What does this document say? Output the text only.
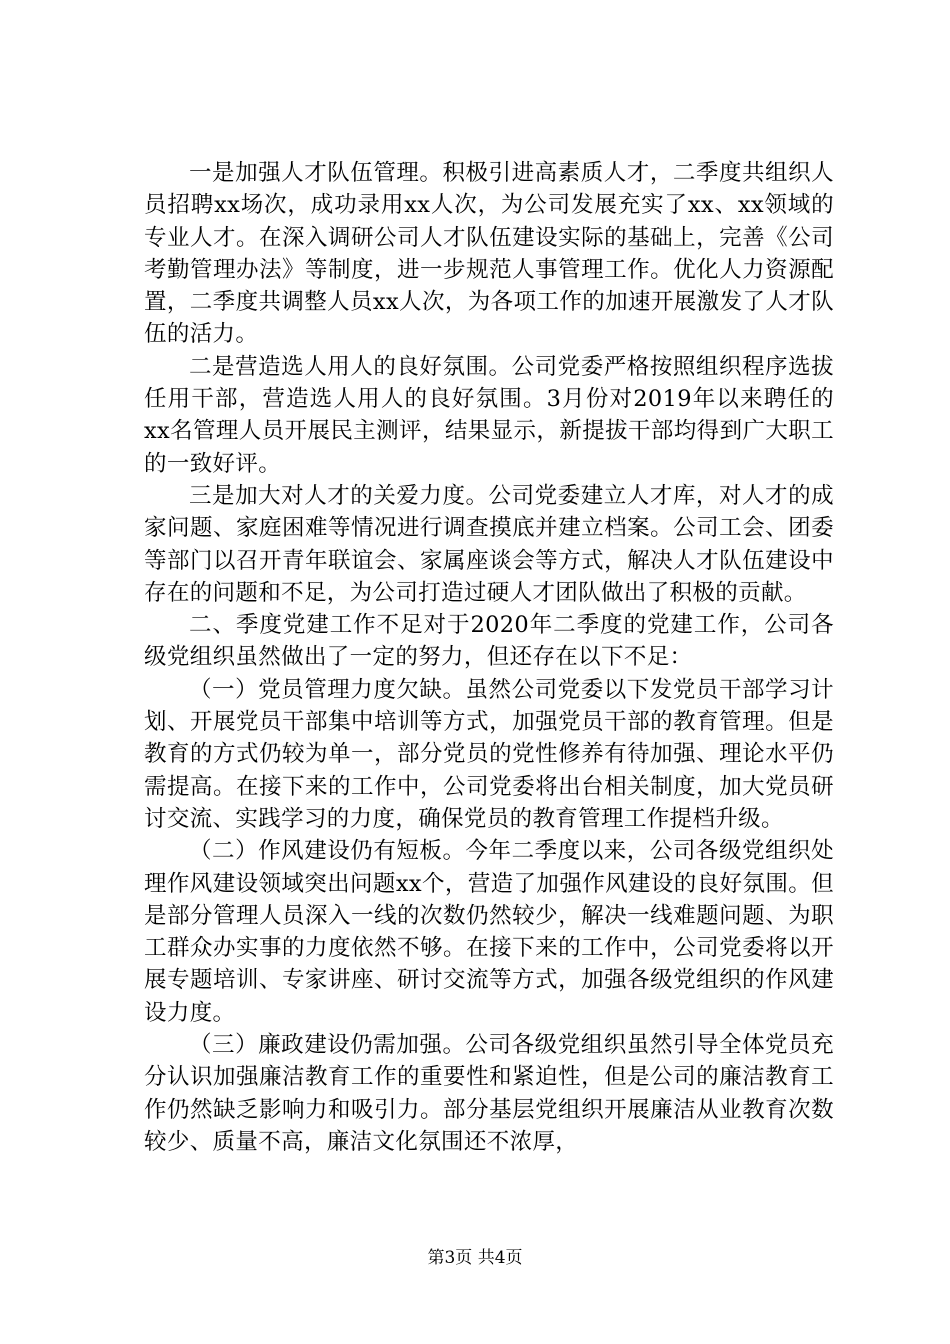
一是加强人才队伍管理。积极引进高素质人才，二季度共组织人员招聘xx场次，成功录用xx人次，为公司发展充实了xx、xx领域的专业人才。在深入调研公司人才队伍建设实际的基础上，完善《公司考勤管理办法》等制度，进一步规范人事管理工作。优化人力资源配置，二季度共调整人员xx人次，为各项工作的加速开展激发了人才队伍的活力。

二是营造选人用人的良好氛围。公司党委严格按照组织程序选拔任用干部，营造选人用人的良好氛围。3月份对2019年以来聘任的xx名管理人员开展民主测评，结果显示，新提拔干部均得到广大职工的一致好评。

三是加大对人才的关爱力度。公司党委建立人才库，对人才的成家问题、家庭困难等情况进行调查摸底并建立档案。公司工会、团委等部门以召开青年联谊会、家属座谈会等方式，解决人才队伍建设中存在的问题和不足，为公司打造过硬人才团队做出了积极的贡献。

二、季度党建工作不足对于2020年二季度的党建工作，公司各级党组织虽然做出了一定的努力，但还存在以下不足：

（一）党员管理力度欠缺。虽然公司党委以下发党员干部学习计划、开展党员干部集中培训等方式，加强党员干部的教育管理。但是教育的方式仍较为单一，部分党员的党性修养有待加强、理论水平仍需提高。在接下来的工作中，公司党委将出台相关制度，加大党员研讨交流、实践学习的力度，确保党员的教育管理工作提档升级。

（二）作风建设仍有短板。今年二季度以来，公司各级党组织处理作风建设领域突出问题xx个，营造了加强作风建设的良好氛围。但是部分管理人员深入一线的次数仍然较少，解决一线难题问题、为职工群众办实事的力度依然不够。在接下来的工作中，公司党委将以开展专题培训、专家讲座、研讨交流等方式，加强各级党组织的作风建设力度。

（三）廉政建设仍需加强。公司各级党组织虽然引导全体党员充分认识加强廉洁教育工作的重要性和紧迫性，但是公司的廉洁教育工作仍然缺乏影响力和吸引力。部分基层党组织开展廉洁从业教育次数较少、质量不高，廉洁文化氛围还不浓厚，

第3页 共4页
